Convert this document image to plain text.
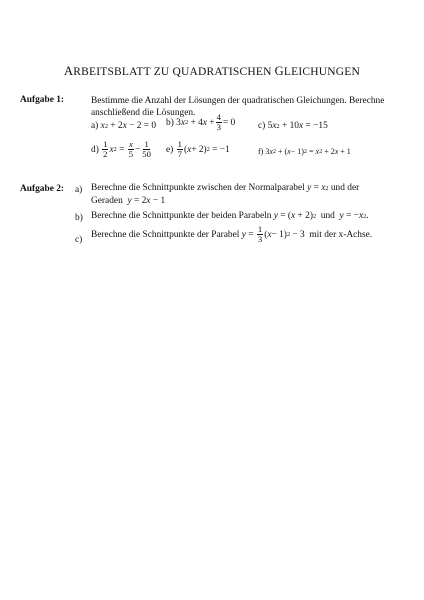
ARBEITSBLATT ZU QUADRATISCHEN GLEICHUNGEN
Aufgabe 1:	Bestimme die Anzahl der Lösungen der quadratischen Gleichungen. Berechne
anschließend die Lösungen.
a)
x 2 + 2 x − 2 = 0 b)
3 x 2 + 4 $x + \frac{4}{3} = 0$ c)
5 x 2 + 10 x = −15
d)
$\frac{1}{2}$ x $2 = \frac{x}{5} - \frac{1}{50} e$)
$\frac{1}{7}$ ( x + 2) 2 = −1	f)
3 x 2 + ( x − 1) 2 = x 2 + 2 x + 1
Aufgabe 2: a) Berechne die Schnittpunkte zwischen der Normalparabel
y = x 2
und der
Geraden
y = 2 x − 1
b) Berechne die Schnittpunkte der beiden Parabeln
y = ( x + 2) 2
und
y = − x 2 .
c)
Berechne die Schnittpunkte der Parabel
$y = \frac{1}{3}$ ( x − 1) 2 − 3 mit der x-Achse.
